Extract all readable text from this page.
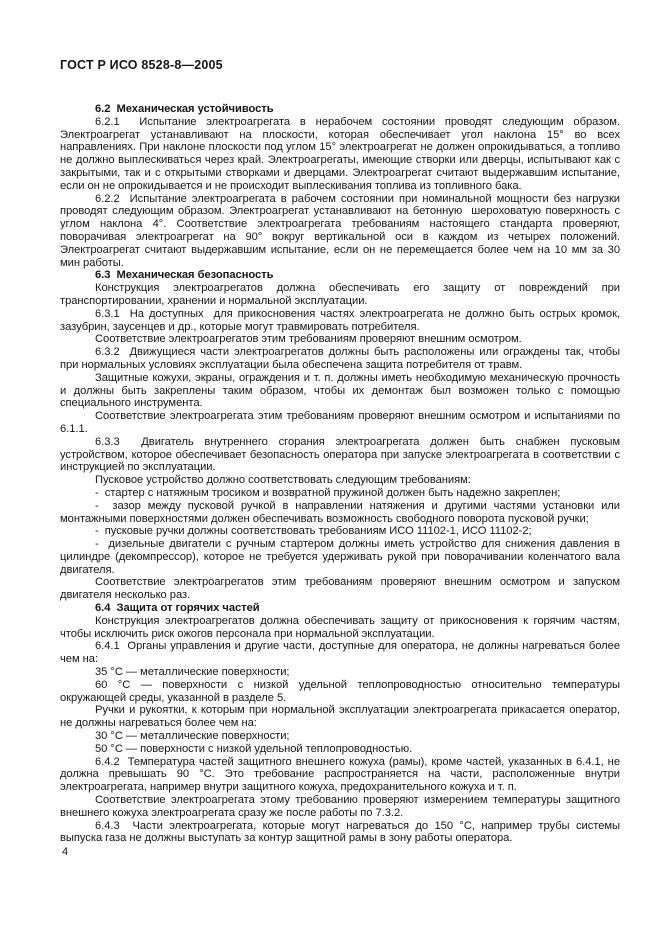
ГОСТ Р ИСО 8528-8—2005

6.2  Механическая устойчивость

6.2.1  Испытание электроагрегата в нерабочем состоянии проводят следующим образом. Электроагрегат устанавливают на плоскости, которая обеспечивает угол наклона 15° во всех направлениях. При наклоне плоскости под углом 15° электроагрегат не должен опрокидываться, а топливо не должно выплескиваться через край. Электроагрегаты, имеющие створки или дверцы, испытывают как с закрытыми, так и с открытыми створками и дверцами. Электроагрегат считают выдержавшим испытание, если он не опрокидывается и не происходит выплескивания топлива из топливного бака.

6.2.2  Испытание электроагрегата в рабочем состоянии при номинальной мощности без нагрузки проводят следующим образом. Электроагрегат устанавливают на бетонную  шероховатую поверхность с углом наклона 4°. Соответствие электроагрегата требованиям настоящего стандарта проверяют, поворачивая электроагрегат на 90° вокруг вертикальной оси в каждом из четырех положений. Электроагрегат считают выдержавшим испытание, если он не перемещается более чем на 10 мм за 30 мин работы.

6.3  Механическая безопасность

Конструкция электроагрегатов должна обеспечивать его защиту от повреждений при транспортировании, хранении и нормальной эксплуатации.

6.3.1  На доступных  для прикосновения частях электроагрегата не должно быть острых кромок, зазубрин, заусенцев и др., которые могут травмировать потребителя.

Соответствие электроагрегатов этим требованиям проверяют внешним осмотром.

6.3.2  Движущиеся части электроагрегатов должны быть расположены или ограждены так, чтобы при нормальных условиях эксплуатации была обеспечена защита потребителя от травм.

Защитные кожухи, экраны, ограждения и т. п. должны иметь необходимую механическую прочность и должны быть закреплены таким образом, чтобы их демонтаж был возможен только с помощью специального инструмента.

Соответствие электроагрегата этим требованиям проверяют внешним осмотром и испытаниями по 6.1.1.

6.3.3  Двигатель внутреннего сгорания электроагрегата должен быть снабжен пусковым устройством, которое обеспечивает безопасность оператора при запуске электроагрегата в соответствии с инструкцией по эксплуатации.

Пусковое устройство должно соответствовать следующим требованиям:

-  стартер с натяжным тросиком и возвратной пружиной должен быть надежно закреплен;

-  зазор между пусковой ручкой в направлении натяжения и другими частями установки или монтажными поверхностями должен обеспечивать возможность свободного поворота пусковой ручки;

-  пусковые ручки должны соответствовать требованиям ИСО 11102-1, ИСО 11102-2;

-  дизельные двигатели с ручным стартером должны иметь устройство для снижения давления в цилиндре (декомпрессор), которое не требуется удерживать рукой при поворачивании коленчатого вала двигателя.

Соответствие электроагрегатов этим требованиям проверяют внешним осмотром и запуском двигателя несколько раз.

6.4  Защита от горячих частей

Конструкция электроагрегатов должна обеспечивать защиту от прикосновения к горячим частям, чтобы исключить риск ожогов персонала при нормальной эксплуатации.

6.4.1  Органы управления и другие части, доступные для оператора, не должны нагреваться более чем на:

35 °С — металлические поверхности;

60 °С — поверхности с низкой удельной теплопроводностью относительно температуры окружающей среды, указанной в разделе 5.

Ручки и рукоятки, к которым при нормальной эксплуатации электроагрегата прикасается оператор, не должны нагреваться более чем на:

30 °С — металлические поверхности;

50 °С — поверхности с низкой удельной теплопроводностью.

6.4.2  Температура частей защитного внешнего кожуха (рамы), кроме частей, указанных в 6.4.1, не должна превышать 90 °С. Это требование распространяется на части, расположенные внутри электроагрегата, например внутри защитного кожуха, предохранительного кожуха и т. п.

Соответствие электроагрегата этому требованию проверяют измерением температуры защитного внешнего кожуха электроагрегата сразу же после работы по 7.3.2.

6.4.3  Части электроагрегата, которые могут нагреваться до 150 °С, например трубы системы выпуска газа не должны выступать за контур защитной рамы в зону работы оператора.

4
